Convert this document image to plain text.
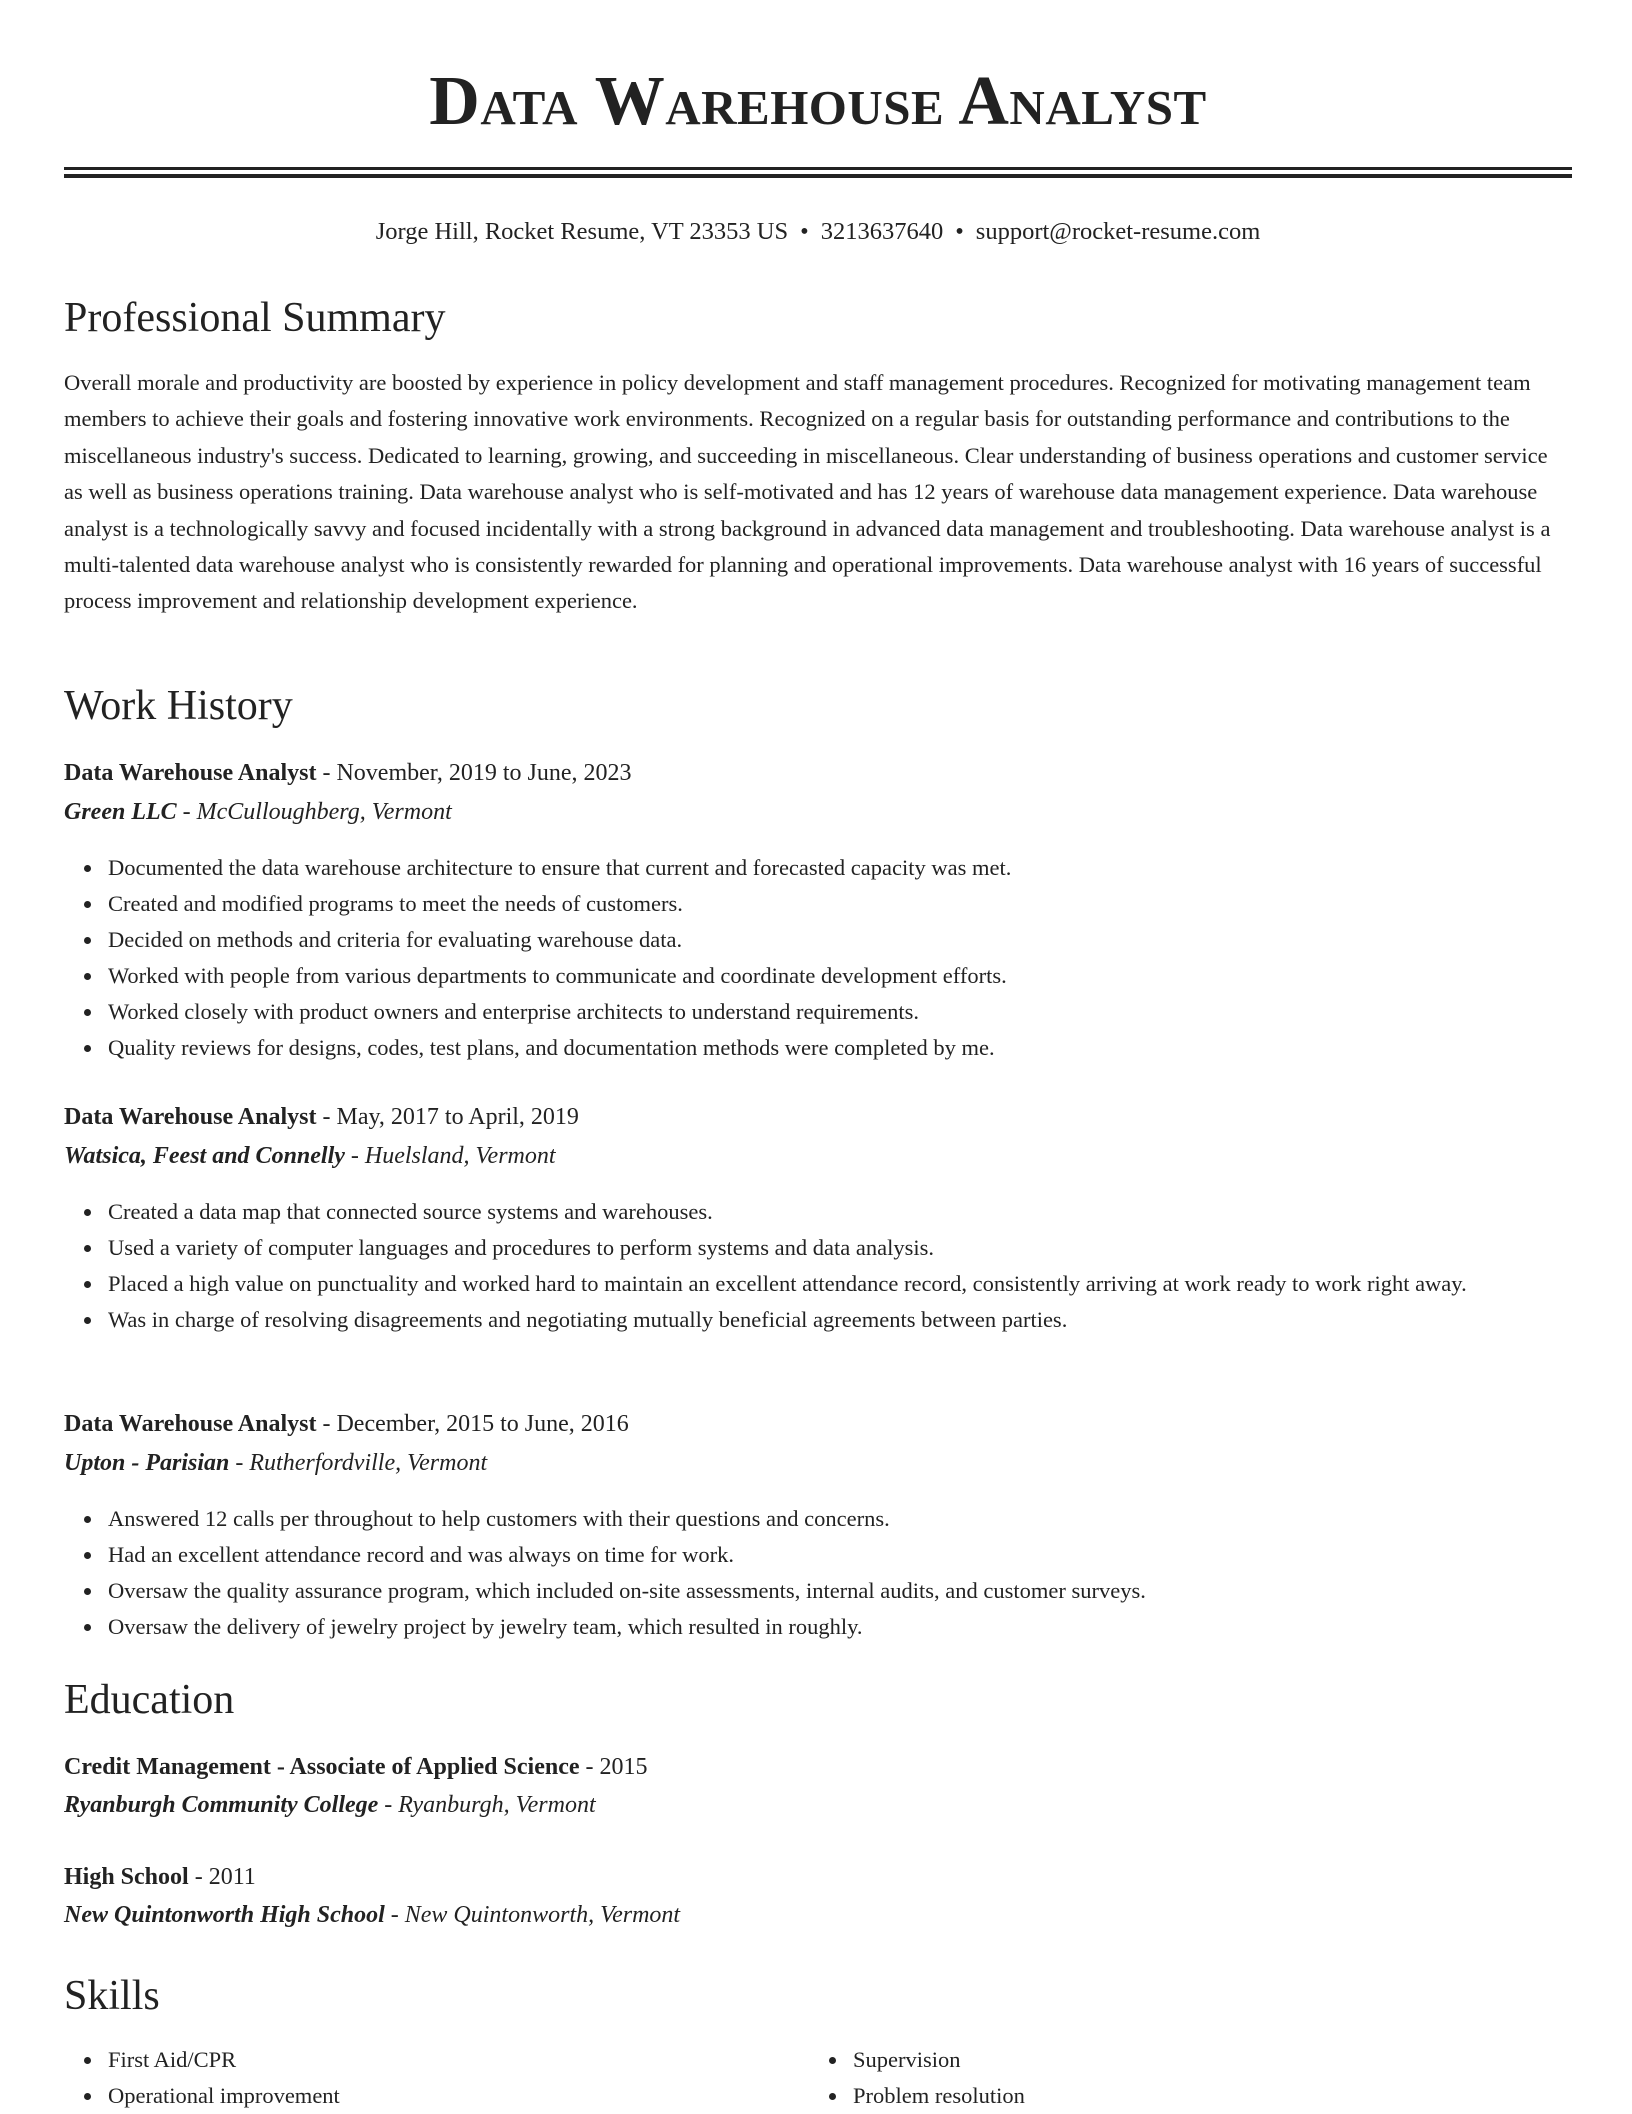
Data Warehouse Analyst
Jorge Hill, Rocket Resume, VT 23353 US • 3213637640 • support@rocket-resume.com
Professional Summary
Overall morale and productivity are boosted by experience in policy development and staff management procedures. Recognized for motivating management team members to achieve their goals and fostering innovative work environments. Recognized on a regular basis for outstanding performance and contributions to the miscellaneous industry's success. Dedicated to learning, growing, and succeeding in miscellaneous. Clear understanding of business operations and customer service as well as business operations training. Data warehouse analyst who is self-motivated and has 12 years of warehouse data management experience. Data warehouse analyst is a technologically savvy and focused incidentally with a strong background in advanced data management and troubleshooting. Data warehouse analyst is a multi-talented data warehouse analyst who is consistently rewarded for planning and operational improvements. Data warehouse analyst with 16 years of successful process improvement and relationship development experience.
Work History
Data Warehouse Analyst - November, 2019 to June, 2023
Green LLC - McCulloughberg, Vermont
Documented the data warehouse architecture to ensure that current and forecasted capacity was met.
Created and modified programs to meet the needs of customers.
Decided on methods and criteria for evaluating warehouse data.
Worked with people from various departments to communicate and coordinate development efforts.
Worked closely with product owners and enterprise architects to understand requirements.
Quality reviews for designs, codes, test plans, and documentation methods were completed by me.
Data Warehouse Analyst - May, 2017 to April, 2019
Watsica, Feest and Connelly - Huelsland, Vermont
Created a data map that connected source systems and warehouses.
Used a variety of computer languages and procedures to perform systems and data analysis.
Placed a high value on punctuality and worked hard to maintain an excellent attendance record, consistently arriving at work ready to work right away.
Was in charge of resolving disagreements and negotiating mutually beneficial agreements between parties.
Data Warehouse Analyst - December, 2015 to June, 2016
Upton - Parisian - Rutherfordville, Vermont
Answered 12 calls per throughout to help customers with their questions and concerns.
Had an excellent attendance record and was always on time for work.
Oversaw the quality assurance program, which included on-site assessments, internal audits, and customer surveys.
Oversaw the delivery of jewelry project by jewelry team, which resulted in roughly.
Education
Credit Management - Associate of Applied Science - 2015
Ryanburgh Community College - Ryanburgh, Vermont
High School - 2011
New Quintonworth High School - New Quintonworth, Vermont
Skills
First Aid/CPR
Operational improvement
Supervision
Problem resolution
